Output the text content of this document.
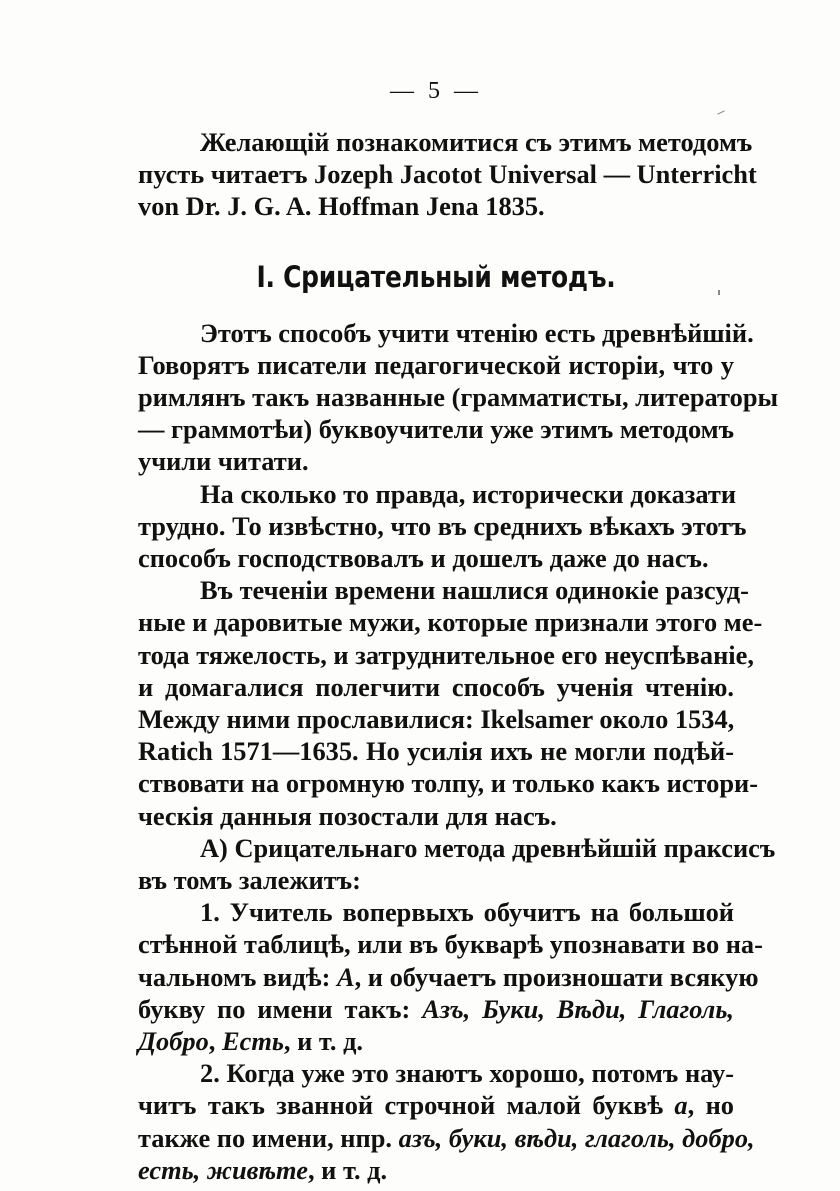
— 5 —
Желающій познакомитися съ этимъ методомъ
пусть читаетъ Jozeph Jacotot Universal — Unterricht
von Dr. J. G. A. Hoffman Jena 1835.
I. Срицательный методъ.
Этотъ способъ учити чтенію есть древнѣйшій.
Говорятъ писатели педагогической исторіи, что у
римлянъ такъ названные (грамматисты, литераторы
— граммотѣи) буквоучители уже этимъ методомъ
учили читати.
На сколько то правда, исторически доказати
трудно. То извѣстно, что въ среднихъ вѣкахъ этотъ
способъ господствовалъ и дошелъ даже до насъ.
Въ теченіи времени нашлися одинокіе разсуд-
ные и даровитые мужи, которые признали этого ме-
тода тяжелость, и затруднительное его неуспѣваніе,
и домагалися полегчити способъ ученія чтенію.
Между ними прославилися: Ikelsamer около 1534,
Ratich 1571—1635. Но усилія ихъ не могли подѣй-
ствовати на огромную толпу, и только какъ истори-
ческія данныя позостали для насъ.
А) Срицательнаго метода древнѣйшій праксисъ
въ томъ залежитъ:
1. Учитель вопервыхъ обучитъ на большой
стѣнной таблицѣ, или въ букварѣ упознавати во на-
чальномъ видѣ: А, и обучаетъ произношати всякую
букву по имени такъ: Азъ, Буки, Вѣди, Глаголь,
Добро, Есть, и т. д.
2. Когда уже это знаютъ хорошо, потомъ нау-
читъ такъ званной строчной малой буквѣ а, но
также по имени, нпр. азъ, буки, вѣди, глаголь, добро,
есть, живѣте, и т. д.
